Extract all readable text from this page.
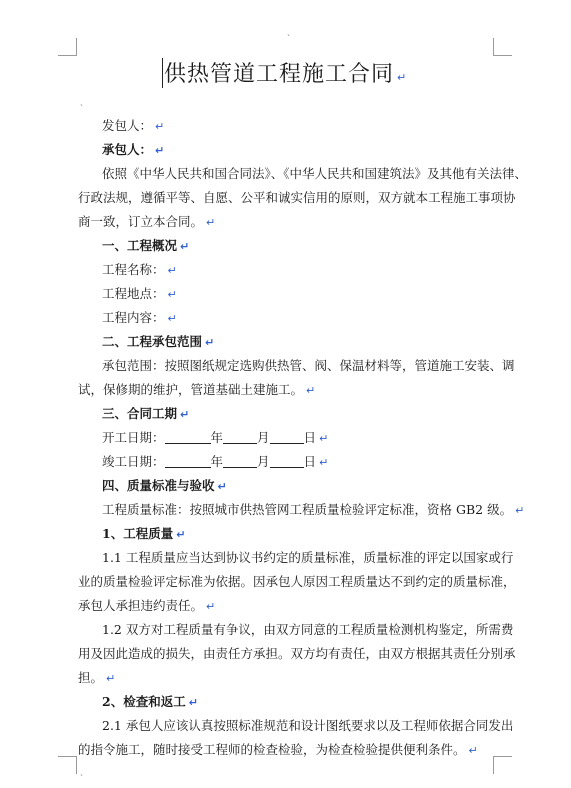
ˏ
ˏ
ˏ
供热管道工程施工合同 ↵
发包人： ↵
承包人： ↵
依照《中华人民共和国合同法》、《中华人民共和国建筑法》及其他有关法律、
行政法规，遵循平等、自愿、公平和诚实信用的原则，双方就本工程施工事项协
商一致，订立本合同。 ↵
一、工程概况 ↵
工程名称： ↵
工程地点： ↵
工程内容： ↵
二、工程承包范围 ↵
承包范围：按照图纸规定选购供热管、阀、保温材料等，管道施工安装、调
试，保修期的维护，管道基础土建施工。 ↵
三、合同工期 ↵
开工日期：	年	月	日 ↵
竣工日期：	年	月	日 ↵
四、质量标准与验收 ↵
工程质量标准：按照城市供热管网工程质量检验评定标准，资格 GB2 级。 ↵
1、工程质量 ↵
1.1 工程质量应当达到协议书约定的质量标准，质量标准的评定以国家或行
业的质量检验评定标准为依据。因承包人原因工程质量达不到约定的质量标准，
承包人承担违约责任。 ↵
1.2 双方对工程质量有争议，由双方同意的工程质量检测机构鉴定，所需费
用及因此造成的损失，由责任方承担。双方均有责任，由双方根据其责任分别承
担。 ↵
2、检查和返工 ↵
2.1 承包人应该认真按照标准规范和设计图纸要求以及工程师依据合同发出
的指令施工，随时接受工程师的检查检验，为检查检验提供便利条件。 ↵
